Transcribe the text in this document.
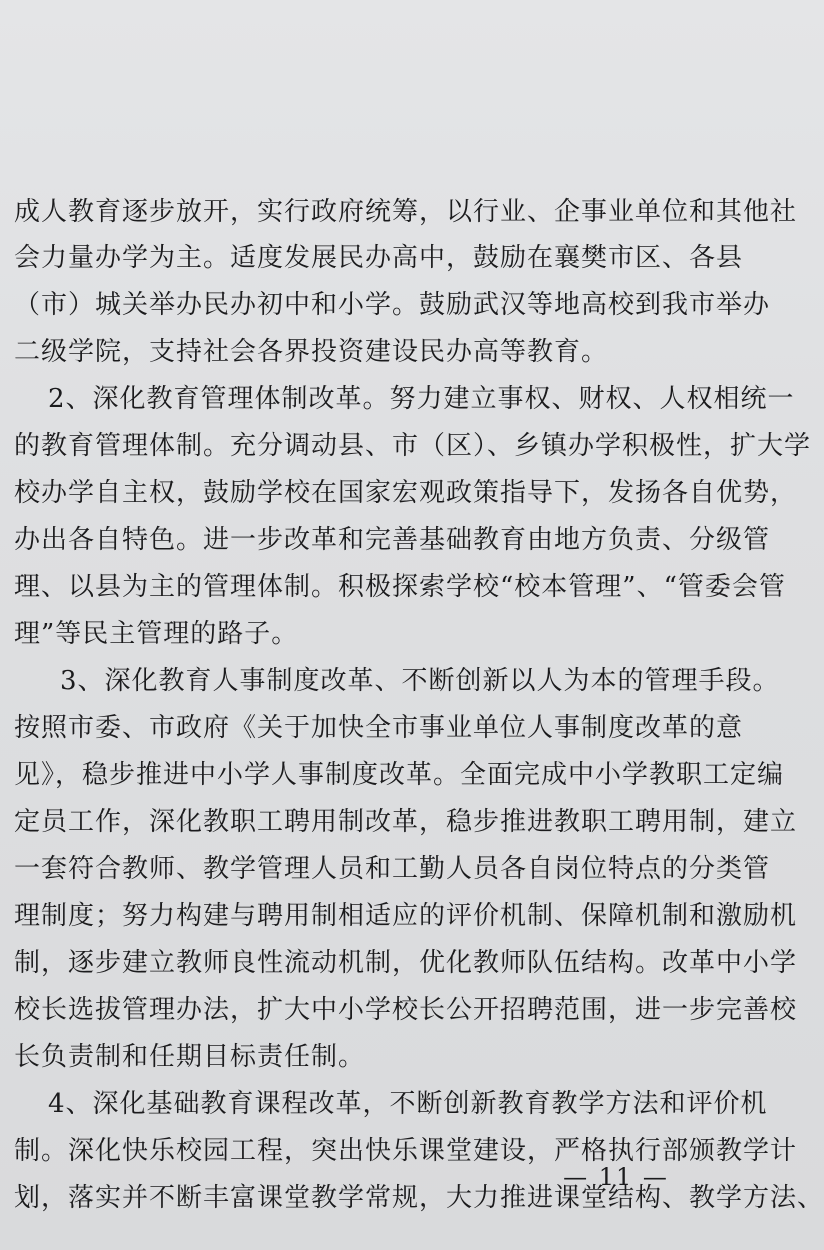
成人教育逐步放开，实行政府统筹，以行业、企事业单位和其他社
会力量办学为主。适度发展民办高中，鼓励在襄樊市区、各县
（市）城关举办民办初中和小学。鼓励武汉等地高校到我市举办
二级学院，支持社会各界投资建设民办高等教育。
2、深化教育管理体制改革。努力建立事权、财权、人权相统一
的教育管理体制。充分调动县、市（区）、乡镇办学积极性，扩大学
校办学自主权，鼓励学校在国家宏观政策指导下，发扬各自优势，
办出各自特色。进一步改革和完善基础教育由地方负责、分级管
理、以县为主的管理体制。积极探索学校“校本管理”、“管委会管
理”等民主管理的路子。
3、深化教育人事制度改革、不断创新以人为本的管理手段。
按照市委、市政府《关于加快全市事业单位人事制度改革的意
见》，稳步推进中小学人事制度改革。全面完成中小学教职工定编
定员工作，深化教职工聘用制改革，稳步推进教职工聘用制，建立
一套符合教师、教学管理人员和工勤人员各自岗位特点的分类管
理制度；努力构建与聘用制相适应的评价机制、保障机制和激励机
制，逐步建立教师良性流动机制，优化教师队伍结构。改革中小学
校长选拔管理办法，扩大中小学校长公开招聘范围，进一步完善校
长负责制和任期目标责任制。
4、深化基础教育课程改革，不断创新教育教学方法和评价机
制。深化快乐校园工程，突出快乐课堂建设，严格执行部颁教学计
划，落实并不断丰富课堂教学常规，大力推进课堂结构、教学方法、
— 11 —
